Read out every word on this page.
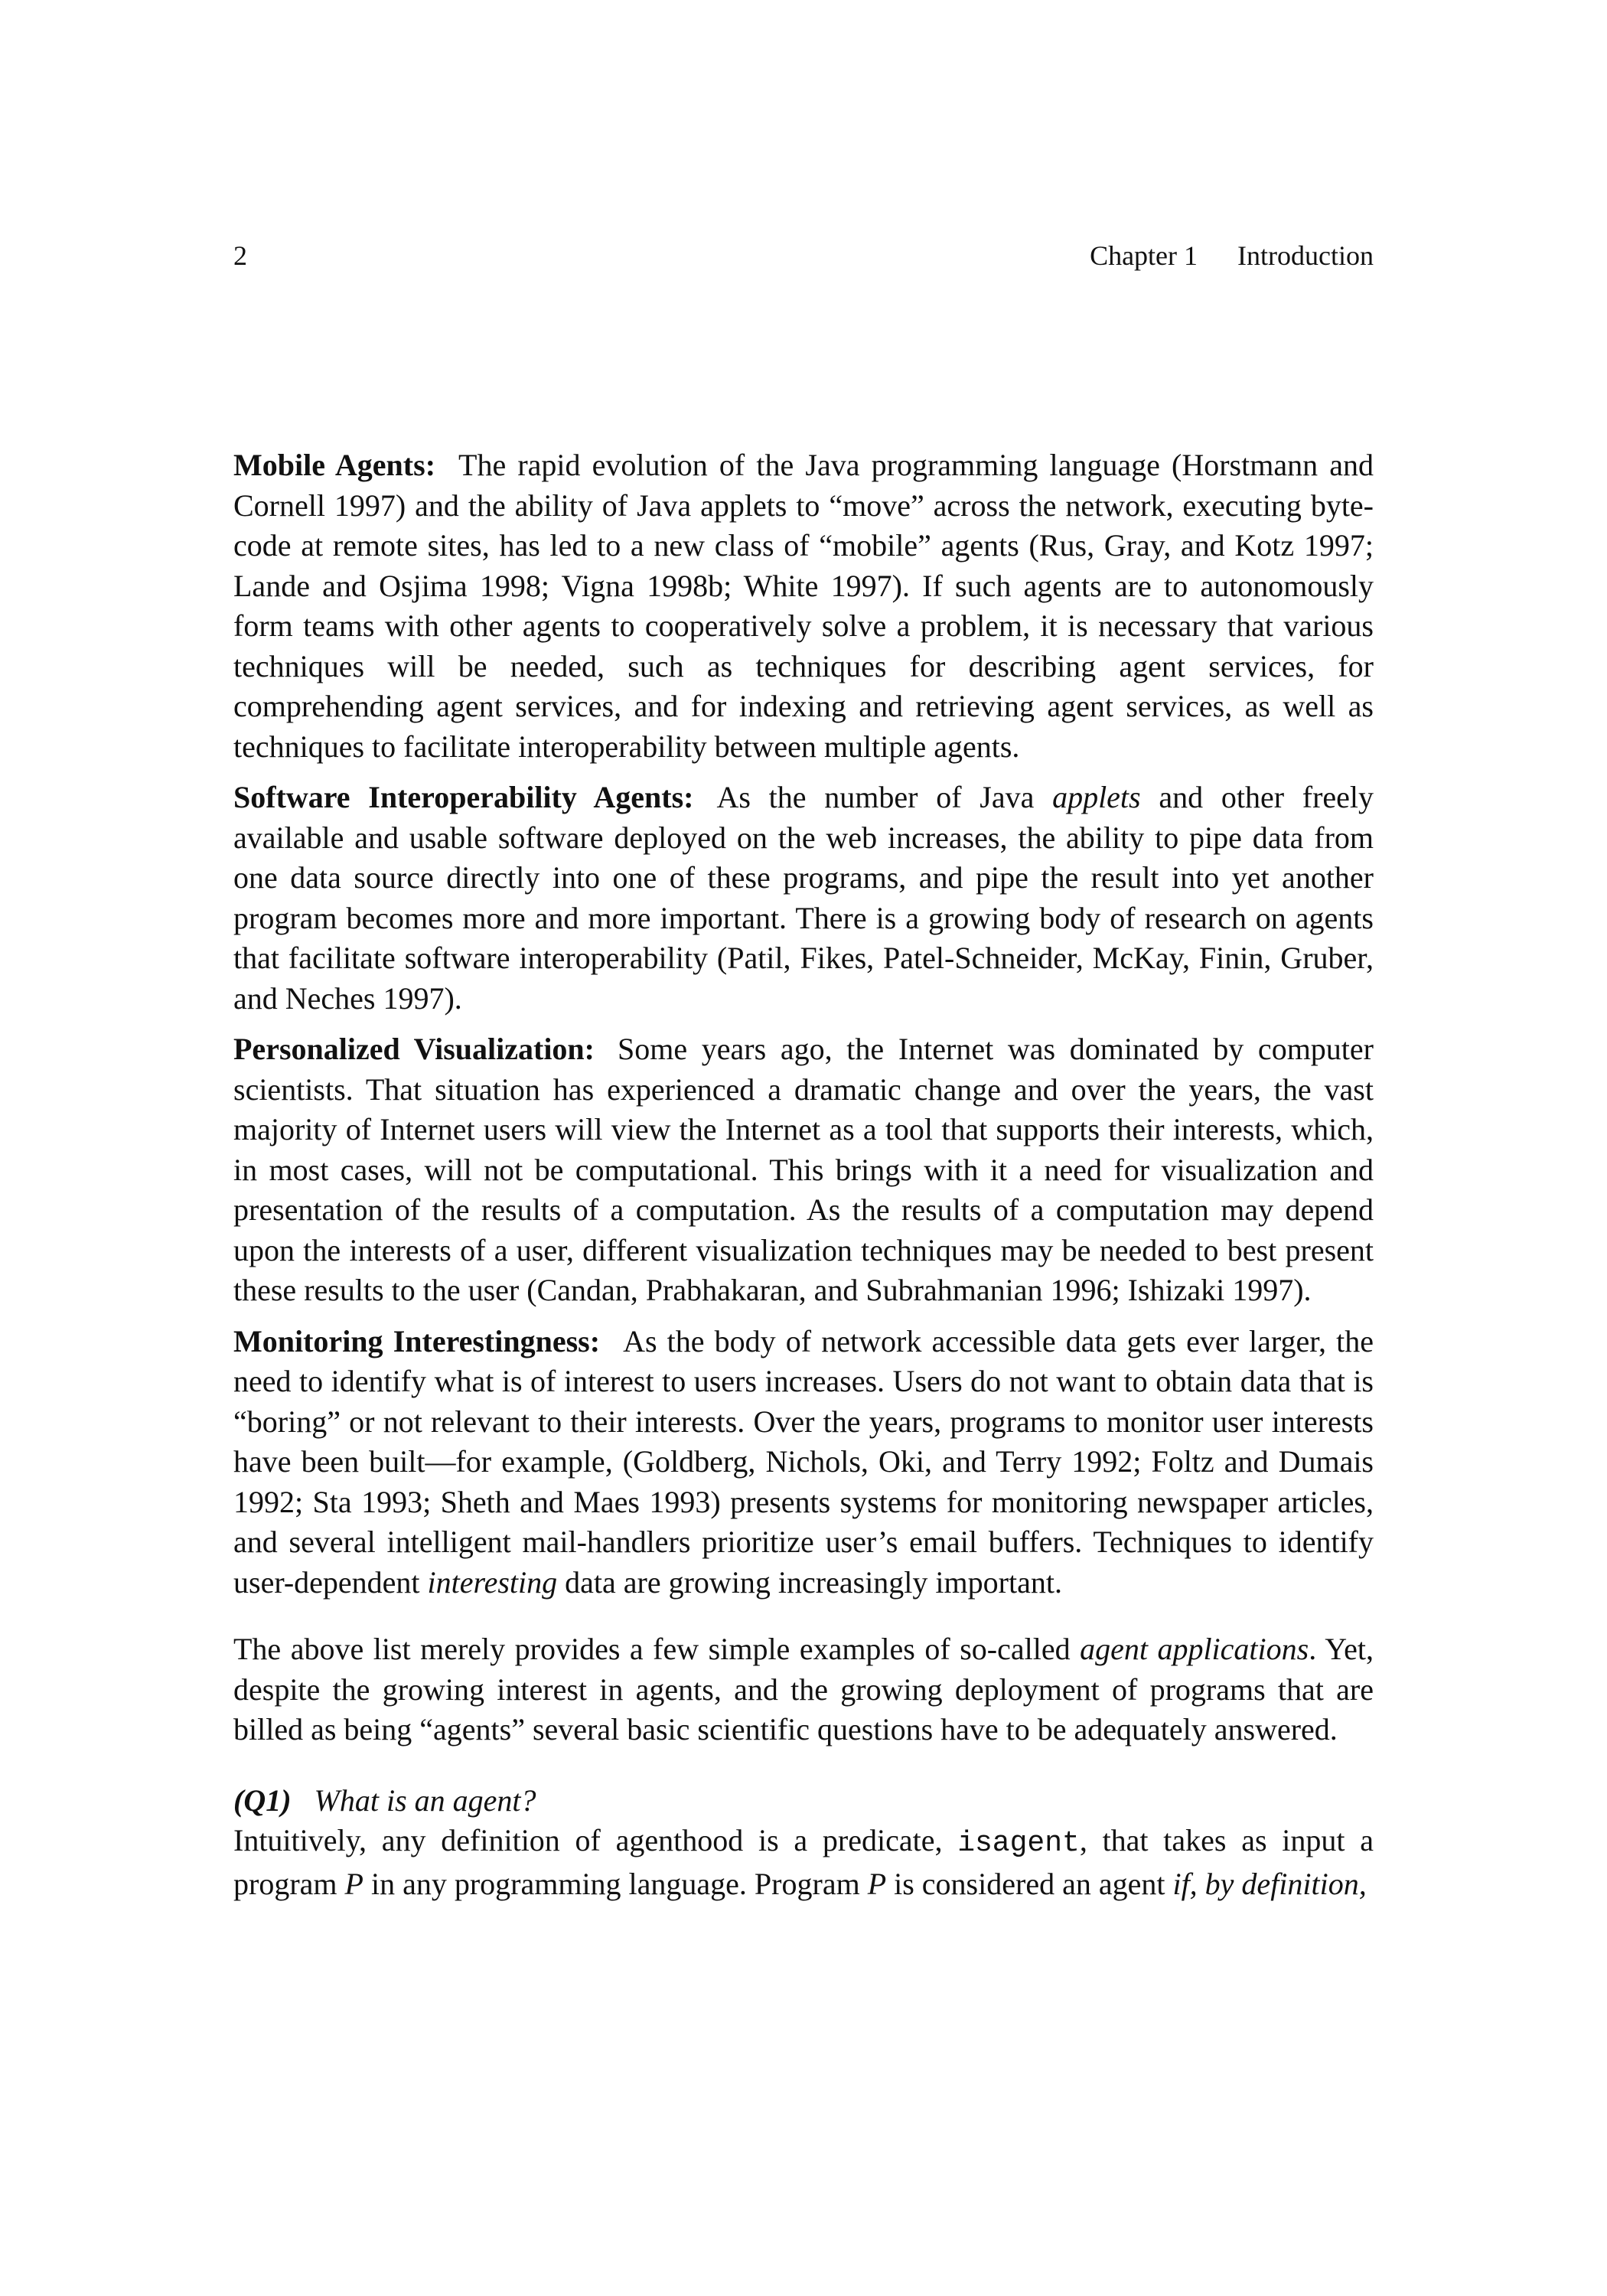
2	Chapter 1 Introduction

Mobile Agents: The rapid evolution of the Java programming language (Horstmann and Cornell 1997) and the ability of Java applets to “move” across the network, executing byte-code at remote sites, has led to a new class of “mobile” agents (Rus, Gray, and Kotz 1997; Lande and Osjima 1998; Vigna 1998b; White 1997). If such agents are to autonomously form teams with other agents to cooperatively solve a problem, it is necessary that various techniques will be needed, such as techniques for describing agent services, for comprehending agent services, and for indexing and retrieving agent services, as well as techniques to facilitate interoperability between multiple agents.

Software Interoperability Agents: As the number of Java applets and other freely available and usable software deployed on the web increases, the ability to pipe data from one data source directly into one of these programs, and pipe the result into yet another program becomes more and more important. There is a growing body of research on agents that facilitate software interoperability (Patil, Fikes, Patel-Schneider, McKay, Finin, Gruber, and Neches 1997).

Personalized Visualization: Some years ago, the Internet was dominated by computer scientists. That situation has experienced a dramatic change and over the years, the vast majority of Internet users will view the Internet as a tool that supports their interests, which, in most cases, will not be computational. This brings with it a need for visualization and presentation of the results of a computation. As the results of a computation may depend upon the interests of a user, different visualization techniques may be needed to best present these results to the user (Candan, Prabhakaran, and Subrahmanian 1996; Ishizaki 1997).

Monitoring Interestingness: As the body of network accessible data gets ever larger, the need to identify what is of interest to users increases. Users do not want to obtain data that is “boring” or not relevant to their interests. Over the years, programs to monitor user interests have been built—for example, (Goldberg, Nichols, Oki, and Terry 1992; Foltz and Dumais 1992; Sta 1993; Sheth and Maes 1993) presents systems for monitoring newspaper articles, and several intelligent mail-handlers prioritize user’s email buffers. Techniques to identify user-dependent interesting data are growing increasingly important.

The above list merely provides a few simple examples of so-called agent applications. Yet, despite the growing interest in agents, and the growing deployment of programs that are billed as being “agents” several basic scientific questions have to be adequately answered.

(Q1) What is an agent?

Intuitively, any definition of agenthood is a predicate, isagent, that takes as input a program P in any programming language. Program P is considered an agent if, by definition,
